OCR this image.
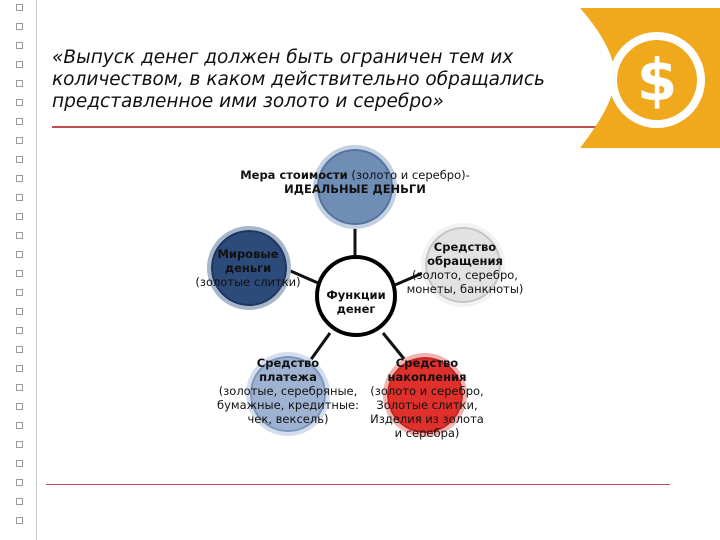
«Выпуск денег должен быть ограничен тем их
количеством, в каком действительно обращались
представленное ими золото и серебро»	$
Мера стоимости (золото и серебро)-
ИДЕАЛЬНЫЕ ДЕНЬГИ
Мировые
деньги
(золотые слитки)
Средство
обращения
(золото, серебро,
монеты, банкноты)
Функции
денег
Средство
платежа
(золотые, серебряные,
бумажные, кредитные:
чек, вексель)
Средство
накопления
(золото и серебро,
Золотые слитки,
Изделия из золота
и серебра)
